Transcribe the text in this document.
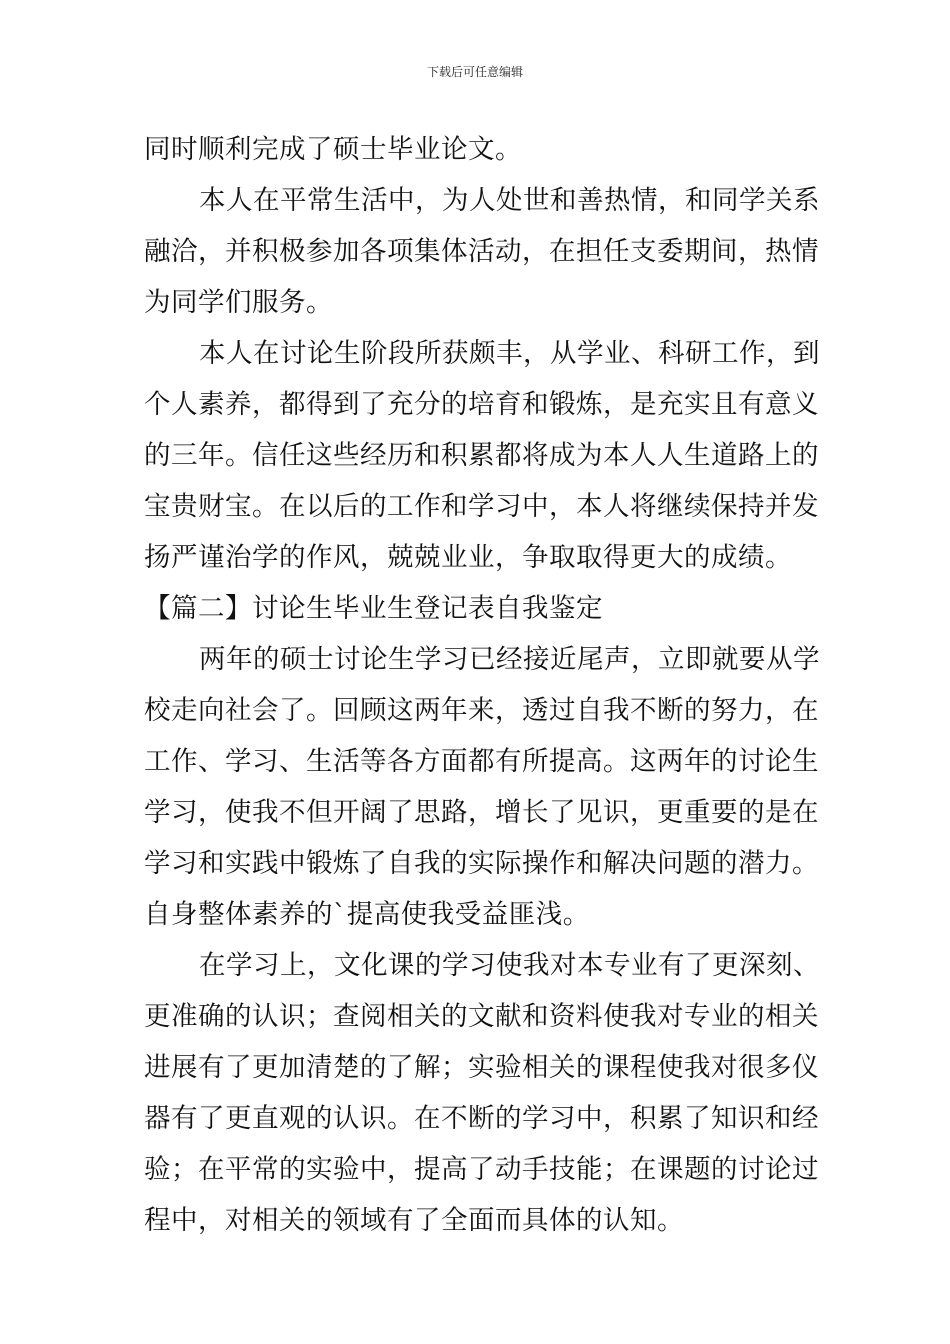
下载后可任意编辑
同时顺利完成了硕士毕业论文。
本人在平常生活中，为人处世和善热情，和同学关系
融洽，并积极参加各项集体活动，在担任支委期间，热情
为同学们服务。
本人在讨论生阶段所获颇丰，从学业、科研工作，到
个人素养，都得到了充分的培育和锻炼，是充实且有意义
的三年。信任这些经历和积累都将成为本人人生道路上的
宝贵财宝。在以后的工作和学习中，本人将继续保持并发
扬严谨治学的作风，兢兢业业，争取取得更大的成绩。
【篇二】讨论生毕业生登记表自我鉴定
两年的硕士讨论生学习已经接近尾声，立即就要从学
校走向社会了。回顾这两年来，透过自我不断的努力，在
工作、学习、生活等各方面都有所提高。这两年的讨论生
学习，使我不但开阔了思路，增长了见识，更重要的是在
学习和实践中锻炼了自我的实际操作和解决问题的潜力。
自身整体素养的`提高使我受益匪浅。
在学习上，文化课的学习使我对本专业有了更深刻、
更准确的认识；查阅相关的文献和资料使我对专业的相关
进展有了更加清楚的了解；实验相关的课程使我对很多仪
器有了更直观的认识。在不断的学习中，积累了知识和经
验；在平常的实验中，提高了动手技能；在课题的讨论过
程中，对相关的领域有了全面而具体的认知。
